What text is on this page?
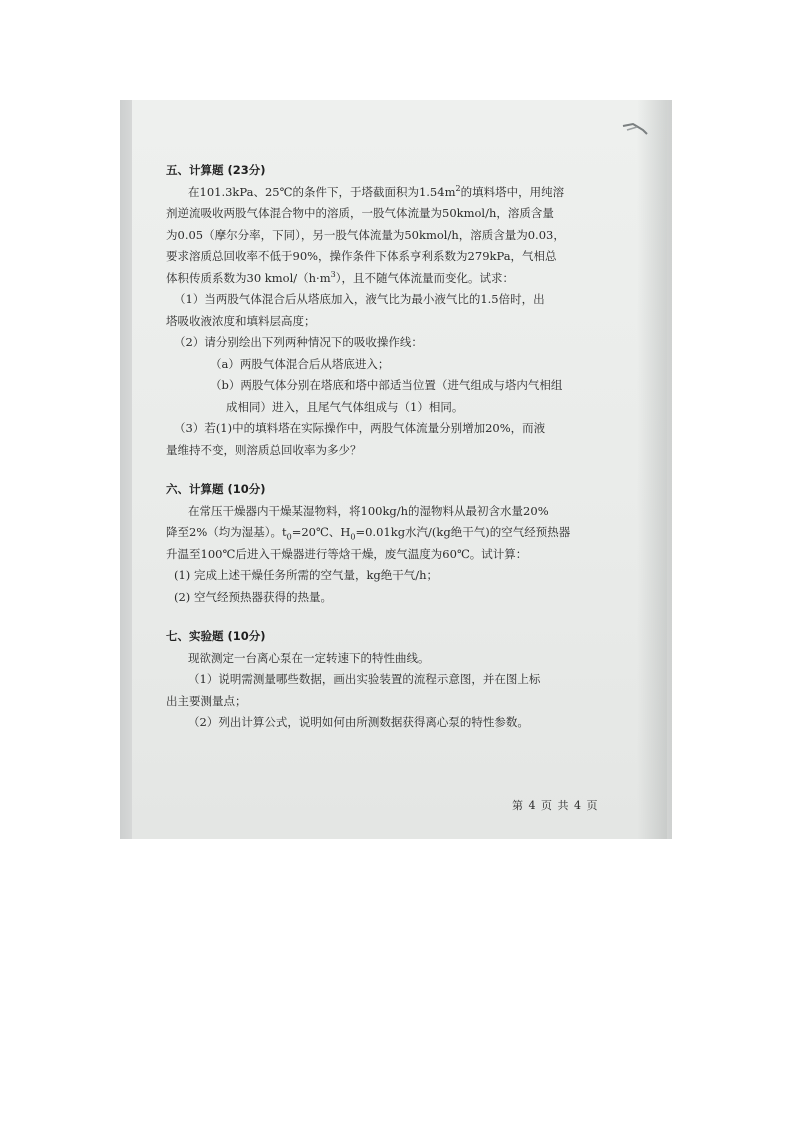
五、计算题 (23分)
在101.3kPa、25℃的条件下，于塔截面积为$1.54m^2$的填料塔中，用纯溶
剂逆流吸收两股气体混合物中的溶质，一股气体流量为50kmol/h，溶质含量
为0.05（摩尔分率，下同），另一股气体流量为50kmol/h，溶质含量为0.03，
要求溶质总回收率不低于90%，操作条件下体系亨利系数为279kPa，气相总
体积传质系数为30 kmol/$(h\cdot m^3)$，且不随气体流量而变化。试求：
（1）当两股气体混合后从塔底加入，液气比为最小液气比的1.5倍时，出
塔吸收液浓度和填料层高度；
（2）请分别绘出下列两种情况下的吸收操作线：
（a）两股气体混合后从塔底进入；
（b）两股气体分别在塔底和塔中部适当位置（进气组成与塔内气相组
成相同）进入，且尾气气体组成与（1）相同。
（3）若(1)中的填料塔在实际操作中，两股气体流量分别增加20%，而液
量维持不变，则溶质总回收率为多少？
六、计算题 (10分)
在常压干燥器内干燥某湿物料，将100kg/h的湿物料从最初含水量20%
降至2%（均为湿基）。$t_0=20℃$、$H_0=0.01kg$水汽/(kg绝干气)的空气经预热器
升温至100℃后进入干燥器进行等焓干燥，废气温度为60℃。试计算：
(1) 完成上述干燥任务所需的空气量，kg绝干气/h；
(2) 空气经预热器获得的热量。
七、实验题 (10分)
现欲测定一台离心泵在一定转速下的特性曲线。
（1）说明需测量哪些数据，画出实验装置的流程示意图，并在图上标
出主要测量点；
（2）列出计算公式，说明如何由所测数据获得离心泵的特性参数。
第 4 页 共 4 页
